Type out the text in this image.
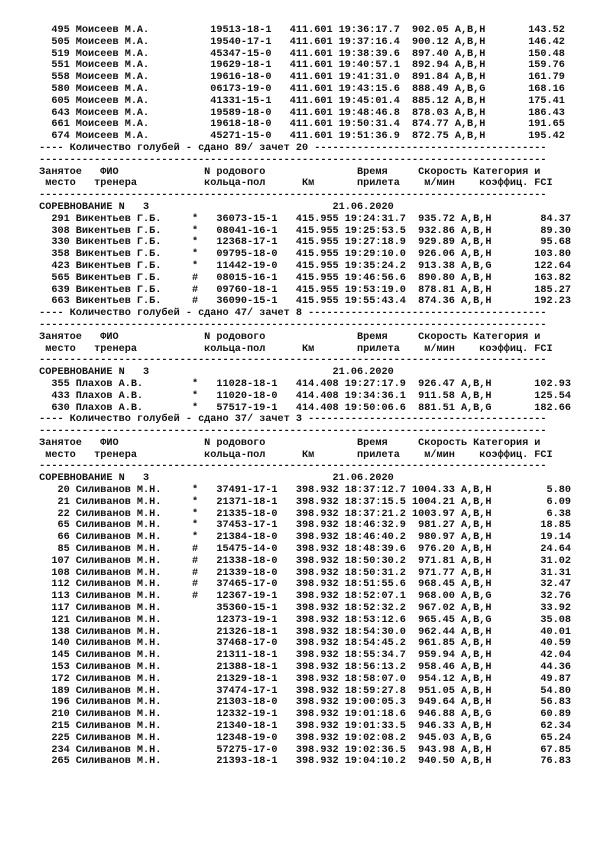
495 Моисеев М.А.          19513-18-1   411.601 19:36:17.7  902.05 А,В,Н       143.52
505 Моисеев М.А.          19540-17-1   411.601 19:37:16.4  900.12 А,В,Н       146.42
519 Моисеев М.А.          45347-15-0   411.601 19:38:39.6  897.40 А,В,Н       150.48
551 Моисеев М.А.          19629-18-1   411.601 19:40:57.1  892.94 А,В,Н       159.76
558 Моисеев М.А.          19616-18-0   411.601 19:41:31.0  891.84 А,В,Н       161.79
580 Моисеев М.А.          06173-19-0   411.601 19:43:15.6  888.49 А,В,G       168.16
605 Моисеев М.А.          41331-15-1   411.601 19:45:01.4  885.12 А,В,Н       175.41
643 Моисеев М.А.          19589-18-0   411.601 19:48:46.8  878.03 А,В,Н       186.43
661 Моисеев М.А.          19618-18-0   411.601 19:50:31.4  874.77 А,В,Н       191.65
674 Моисеев М.А.          45271-15-0   411.601 19:51:36.9  872.75 А,В,Н       195.42
---- Количество голубей - сдано 89/ зачет 20 --------------------------------------
-----------------------------------------------------------------------------------
Занятое   ФИО              N родового               Время     Скорость Категория и
место   тренера           кольца-пол      Км       прилета    м/мин    коэффиц. FCI
-----------------------------------------------------------------------------------
СОРЕВНОВАНИЕ N   3                              21.06.2020
291 Викентьев Г.Б.     *   36073-15-1   415.955 19:24:31.7  935.72 А,В,Н        84.37
308 Викентьев Г.Б.     *   08041-16-1   415.955 19:25:53.5  932.86 А,В,Н        89.30
330 Викентьев Г.Б.     *   12368-17-1   415.955 19:27:18.9  929.89 А,В,Н        95.68
358 Викентьев Г.Б.     *   09795-18-0   415.955 19:29:10.0  926.06 А,В,Н       103.80
423 Викентьев Г.Б.     *   11442-19-0   415.955 19:35:24.2  913.38 А,В,G       122.64
565 Викентьев Г.Б.     #   08015-16-1   415.955 19:46:56.6  890.80 А,В,Н       163.82
639 Викентьев Г.Б.     #   09760-18-1   415.955 19:53:19.0  878.81 А,В,Н       185.27
663 Викентьев Г.Б.     #   36090-15-1   415.955 19:55:43.4  874.36 А,В,Н       192.23
---- Количество голубей - сдано 47/ зачет 8 ---------------------------------------
-----------------------------------------------------------------------------------
Занятое   ФИО              N родового               Время     Скорость Категория и
место   тренера           кольца-пол      Км       прилета    м/мин    коэффиц. FCI
-----------------------------------------------------------------------------------
СОРЕВНОВАНИЕ N   3                              21.06.2020
355 Плахов А.В.        *   11028-18-1   414.408 19:27:17.9  926.47 А,В,Н       102.93
433 Плахов А.В.        *   11020-18-0   414.408 19:34:36.1  911.58 А,В,Н       125.54
630 Плахов А.В.        *   57517-19-1   414.408 19:50:06.6  881.51 А,В,G       182.66
---- Количество голубей - сдано 37/ зачет 3 ---------------------------------------
-----------------------------------------------------------------------------------
Занятое   ФИО              N родового               Время     Скорость Категория и
место   тренера           кольца-пол      Км       прилета    м/мин    коэффиц. FCI
-----------------------------------------------------------------------------------
СОРЕВНОВАНИЕ N   3                              21.06.2020
20 Силиванов М.Н.     *   37491-17-1   398.932 18:37:12.7 1004.33 А,В,Н         5.80
21 Силиванов М.Н.     *   21371-18-1   398.932 18:37:15.5 1004.21 А,В,Н         6.09
22 Силиванов М.Н.     *   21335-18-0   398.932 18:37:21.2 1003.97 А,В,Н         6.38
65 Силиванов М.Н.     *   37453-17-1   398.932 18:46:32.9  981.27 А,В,Н        18.85
66 Силиванов М.Н.     *   21384-18-0   398.932 18:46:40.2  980.97 А,В,Н        19.14
85 Силиванов М.Н.     #   15475-14-0   398.932 18:48:39.6  976.20 А,В,Н        24.64
107 Силиванов М.Н.     #   21338-18-0   398.932 18:50:30.2  971.81 А,В,Н        31.02
108 Силиванов М.Н.     #   21339-18-0   398.932 18:50:31.2  971.77 А,В,Н        31.31
112 Силиванов М.Н.     #   37465-17-0   398.932 18:51:55.6  968.45 А,В,Н        32.47
113 Силиванов М.Н.     #   12367-19-1   398.932 18:52:07.1  968.00 А,В,G        32.76
117 Силиванов М.Н.         35360-15-1   398.932 18:52:32.2  967.02 А,В,Н        33.92
121 Силиванов М.Н.         12373-19-1   398.932 18:53:12.6  965.45 А,В,G        35.08
138 Силиванов М.Н.         21326-18-1   398.932 18:54:30.0  962.44 А,В,Н        40.01
140 Силиванов М.Н.         37468-17-0   398.932 18:54:45.2  961.85 А,В,Н        40.59
145 Силиванов М.Н.         21311-18-1   398.932 18:55:34.7  959.94 А,В,Н        42.04
153 Силиванов М.Н.         21388-18-1   398.932 18:56:13.2  958.46 А,В,Н        44.36
172 Силиванов М.Н.         21329-18-1   398.932 18:58:07.0  954.12 А,В,Н        49.87
189 Силиванов М.Н.         37474-17-1   398.932 18:59:27.8  951.05 А,В,Н        54.80
196 Силиванов М.Н.         21303-18-0   398.932 19:00:05.3  949.64 А,В,Н        56.83
210 Силиванов М.Н.         12332-19-1   398.932 19:01:18.6  946.88 А,В,G        60.89
215 Силиванов М.Н.         21340-18-1   398.932 19:01:33.5  946.33 А,В,Н        62.34
225 Силиванов М.Н.         12348-19-0   398.932 19:02:08.2  945.03 А,В,G        65.24
234 Силиванов М.Н.         57275-17-0   398.932 19:02:36.5  943.98 А,В,Н        67.85
265 Силиванов М.Н.         21393-18-1   398.932 19:04:10.2  940.50 А,В,Н        76.83
